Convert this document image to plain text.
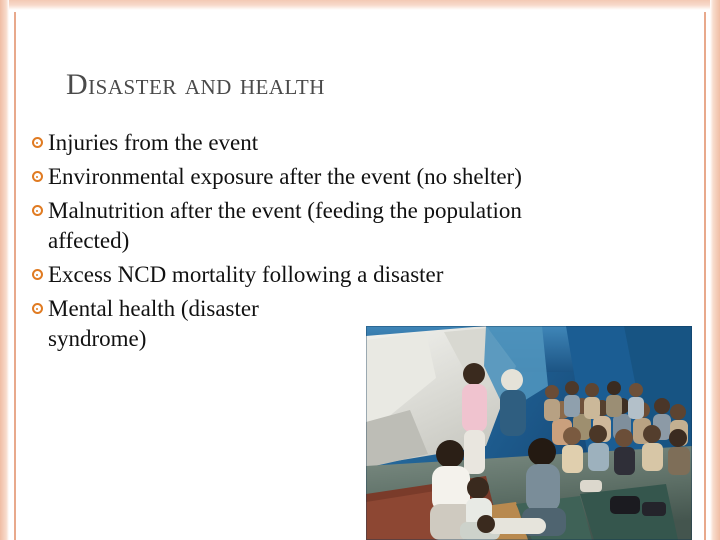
Disaster and health
Injuries from the event
Environmental exposure after the event (no shelter)
Malnutrition after the event (feeding the population affected)
Excess NCD mortality following a disaster
Mental health (disaster syndrome)
